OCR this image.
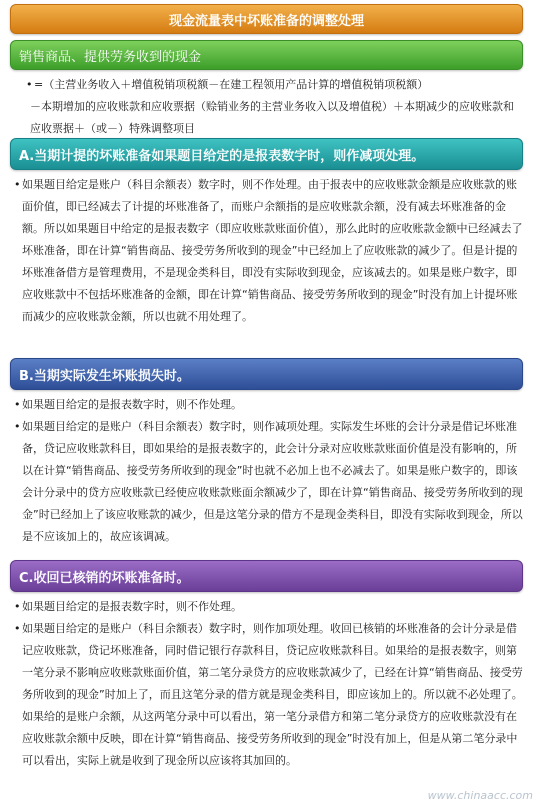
现金流量表中坏账准备的调整处理
销售商品、提供劳务收到的现金

• =（主营业务收入＋增值税销项税额－在建工程领用产品计算的增值税销项税额）

－本期增加的应收账款和应收票据（赊销业务的主营业务收入以及增值税）＋本期减少的应收账款和应收票据＋（或－）特殊调整项目

A.当期计提的坏账准备如果题目给定的是报表数字时，则作减项处理。

• 如果题目给定是账户（科目余额表）数字时，则不作处理。由于报表中的应收账款金额是应收账款的账面价值，即已经减去了计提的坏账准备了，而账户余额指的是应收账款余额，没有减去坏账准备的金额。所以如果题目中给定的是报表数字（即应收账款账面价值），那么此时的应收账款金额中已经减去了坏账准备，即在计算“销售商品、接受劳务所收到的现金”中已经加上了应收账款的减少了。但是计提的坏账准备借方是管理费用，不是现金类科目，即没有实际收到现金，应该减去的。如果是账户数字，即应收账款中不包括坏账准备的金额，即在计算“销售商品、接受劳务所收到的现金”时没有加上计提坏账而减少的应收账款金额，所以也就不用处理了。

B.当期实际发生坏账损失时。

• 如果题目给定的是报表数字时，则不作处理。

• 如果题目给定的是账户（科目余额表）数字时，则作减项处理。实际发生坏账的会计分录是借记坏账准备，贷记应收账款科目，即如果给的是报表数字的，此会计分录对应收账款账面价值是没有影响的，所以在计算“销售商品、接受劳务所收到的现金”时也就不必加上也不必减去了。如果是账户数字的，即该会计分录中的贷方应收账款已经使应收账款账面余额减少了，即在计算“销售商品、接受劳务所收到的现金”时已经加上了该应收账款的减少，但是这笔分录的借方不是现金类科目，即没有实际收到现金，所以是不应该加上的，故应该调减。

C.收回已核销的坏账准备时。

• 如果题目给定的是报表数字时，则不作处理。

• 如果题目给定的是账户（科目余额表）数字时，则作加项处理。收回已核销的坏账准备的会计分录是借记应收账款，贷记坏账准备，同时借记银行存款科目，贷记应收账款科目。如果给的是报表数字，则第一笔分录不影响应收账款账面价值，第二笔分录贷方的应收账款减少了，已经在计算“销售商品、接受劳务所收到的现金”时加上了，而且这笔分录的借方就是现金类科目，即应该加上的。所以就不必处理了。如果给的是账户余额，从这两笔分录中可以看出，第一笔分录借方和第二笔分录贷方的应收账款没有在应收账款余额中反映，即在计算“销售商品、接受劳务所收到的现金”时没有加上，但是从第二笔分录中可以看出，实际上就是收到了现金所以应该将其加回的。

www.chinaacc.com
